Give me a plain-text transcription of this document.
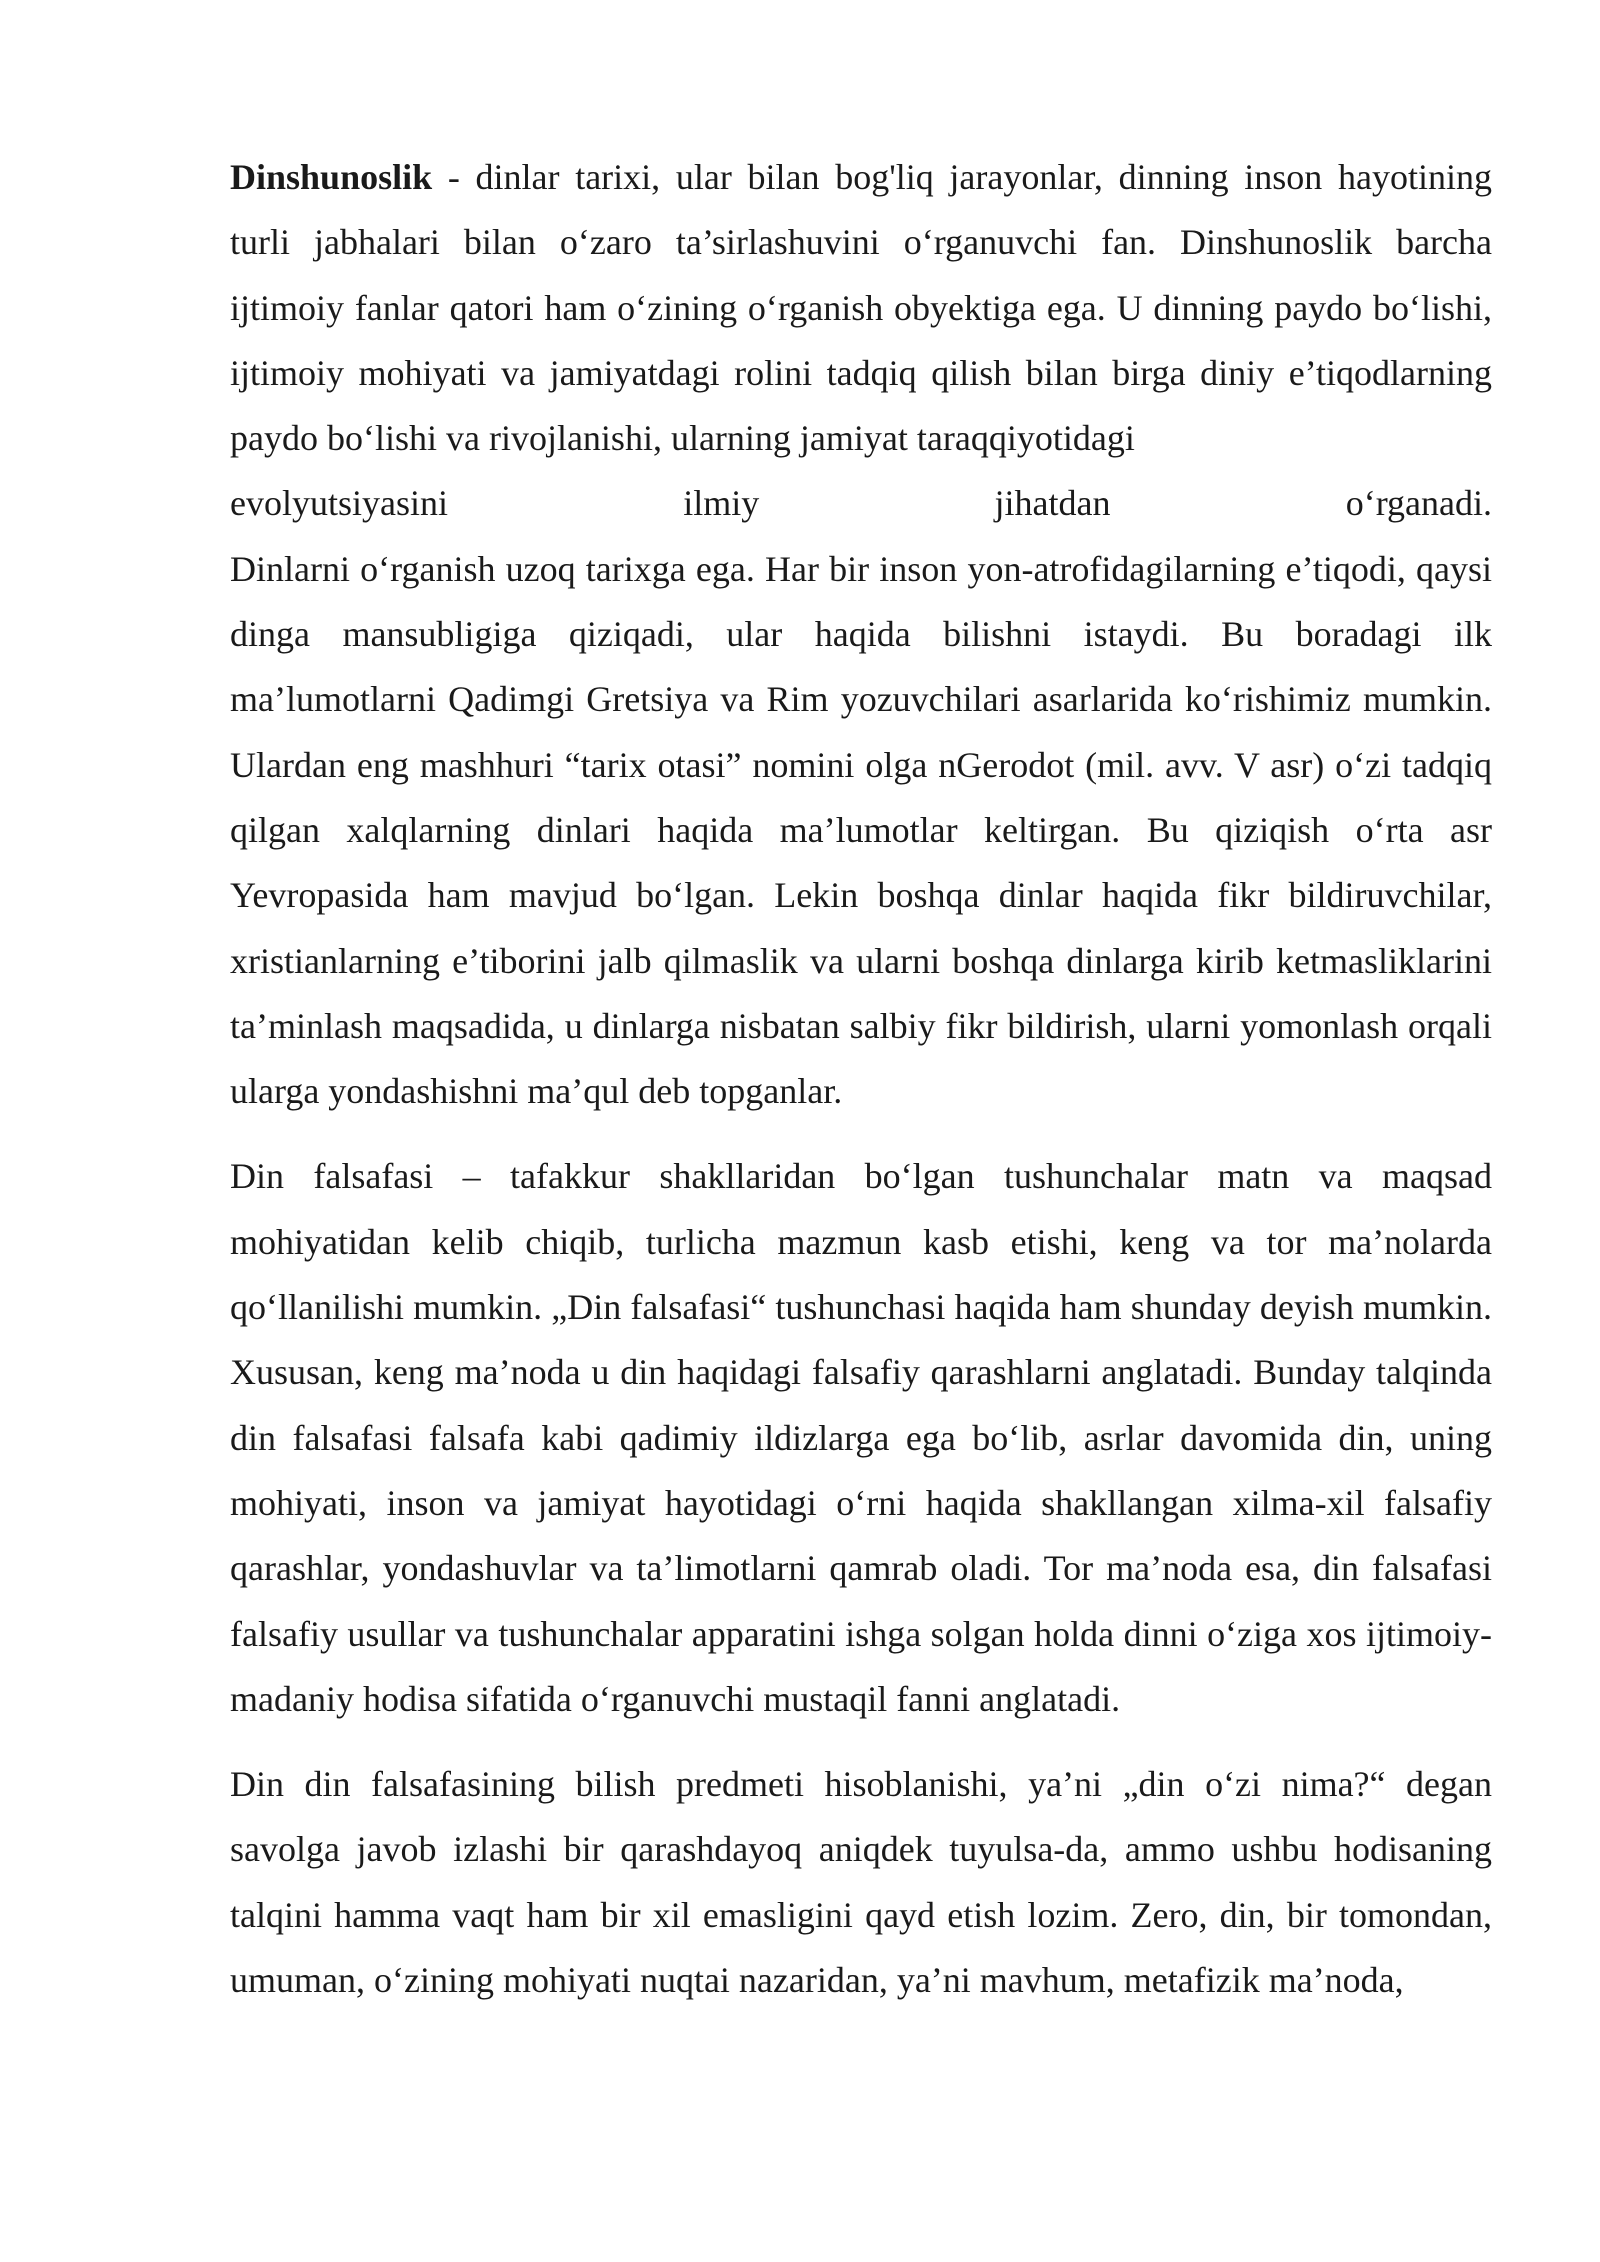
Dinshunoslik - dinlar tarixi, ular bilan bog'liq jarayonlar, dinning inson hayotining turli jabhalari bilan o‘zaro ta’sirlashuvini o‘rganuvchi fan. Dinshunoslik barcha ijtimoiy fanlar qatori ham o‘zining o‘rganish obyektiga ega. U dinning paydo bo‘lishi, ijtimoiy mohiyati va jamiyatdagi rolini tadqiq qilish bilan birga diniy e’tiqodlarning paydo bo‘lishi va rivojlanishi, ularning jamiyat taraqqiyotidagi
evolyutsiyasini ilmiy jihatdan o‘rganadi.
Dinlarni o‘rganish uzoq tarixga ega. Har bir inson yon-atrofidagilarning e’tiqodi, qaysi dinga mansubligiga qiziqadi, ular haqida bilishni istaydi. Bu boradagi ilk ma’lumotlarni Qadimgi Gretsiya va Rim yozuvchilari asarlarida ko‘rishimiz mumkin. Ulardan eng mashhuri “tarix otasi” nomini olga nGerodot (mil. avv. V asr) o‘zi tadqiq qilgan xalqlarning dinlari haqida ma’lumotlar keltirgan. Bu qiziqish o‘rta asr Yevropasida ham mavjud bo‘lgan. Lekin boshqa dinlar haqida fikr bildiruvchilar, xristianlarning e’tiborini jalb qilmaslik va ularni boshqa dinlarga kirib ketmasliklarini ta’minlash maqsadida, u dinlarga nisbatan salbiy fikr bildirish, ularni yomonlash orqali ularga yondashishni ma’qul deb topganlar.

Din falsafasi – tafakkur shakllaridan bo‘lgan tushunchalar matn va maqsad mohiyatidan kelib chiqib, turlicha mazmun kasb etishi, keng va tor ma’nolarda qo‘llanilishi mumkin. „Din falsafasi“ tushunchasi haqida ham shunday deyish mumkin. Xususan, keng ma’noda u din haqidagi falsafiy qarashlarni anglatadi. Bunday talqinda din falsafasi falsafa kabi qadimiy ildizlarga ega bo‘lib, asrlar davomida din, uning mohiyati, inson va jamiyat hayotidagi o‘rni haqida shakllangan xilma-xil falsafiy qarashlar, yondashuvlar va ta’limotlarni qamrab oladi. Tor ma’noda esa, din falsafasi falsafiy usullar va tushunchalar apparatini ishga solgan holda dinni o‘ziga xos ijtimoiy-madaniy hodisa sifatida o‘rganuvchi mustaqil fanni anglatadi.

Din din falsafasining bilish predmeti hisoblanishi, ya’ni „din o‘zi nima?“ degan savolga javob izlashi bir qarashdayoq aniqdek tuyulsa-da, ammo ushbu hodisaning talqini hamma vaqt ham bir xil emasligini qayd etish lozim. Zero, din, bir tomondan, umuman, o‘zining mohiyati nuqtai nazaridan, ya’ni mavhum, metafizik ma’noda,
